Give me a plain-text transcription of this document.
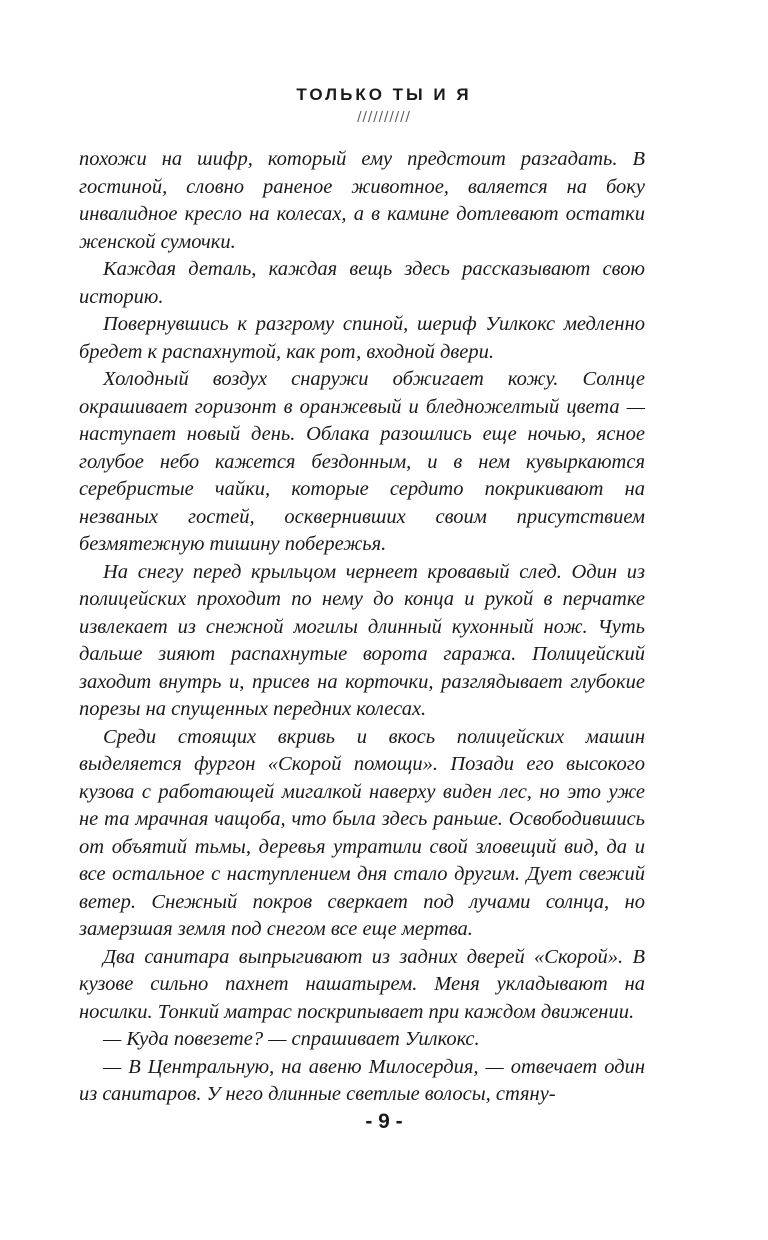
ТОЛЬКО ТЫ И Я
//////////

похожи на шифр, который ему предстоит разгадать. В гостиной, словно раненое животное, валяется на боку инвалидное кресло на колесах, а в камине дотлевают остатки женской сумочки.

Каждая деталь, каждая вещь здесь рассказывают свою историю.

Повернувшись к разгрому спиной, шериф Уилкокс медленно бредет к распахнутой, как рот, входной двери.

Холодный воздух снаружи обжигает кожу. Солнце окрашивает горизонт в оранжевый и бледножелтый цвета — наступает новый день. Облака разошлись еще ночью, ясное голубое небо кажется бездонным, и в нем кувыркаются серебристые чайки, которые сердито покрикивают на незваных гостей, осквернивших своим присутствием безмятежную тишину побережья.

На снегу перед крыльцом чернеет кровавый след. Один из полицейских проходит по нему до конца и рукой в перчатке извлекает из снежной могилы длинный кухонный нож. Чуть дальше зияют распахнутые ворота гаража. Полицейский заходит внутрь и, присев на корточки, разглядывает глубокие порезы на спущенных передних колесах.

Среди стоящих вкривь и вкось полицейских машин выделяется фургон «Скорой помощи». Позади его высокого кузова с работающей мигалкой наверху виден лес, но это уже не та мрачная чащоба, что была здесь раньше. Освободившись от объятий тьмы, деревья утратили свой зловещий вид, да и все остальное с наступлением дня стало другим. Дует свежий ветер. Снежный покров сверкает под лучами солнца, но замерзшая земля под снегом все еще мертва.

Два санитара выпрыгивают из задних дверей «Скорой». В кузове сильно пахнет нашатырем. Меня укладывают на носилки. Тонкий матрас поскрипывает при каждом движении.

— Куда повезете? — спрашивает Уилкокс.

— В Центральную, на авеню Милосердия, — отвечает один из санитаров. У него длинные светлые волосы, стяну-

- 9 -
